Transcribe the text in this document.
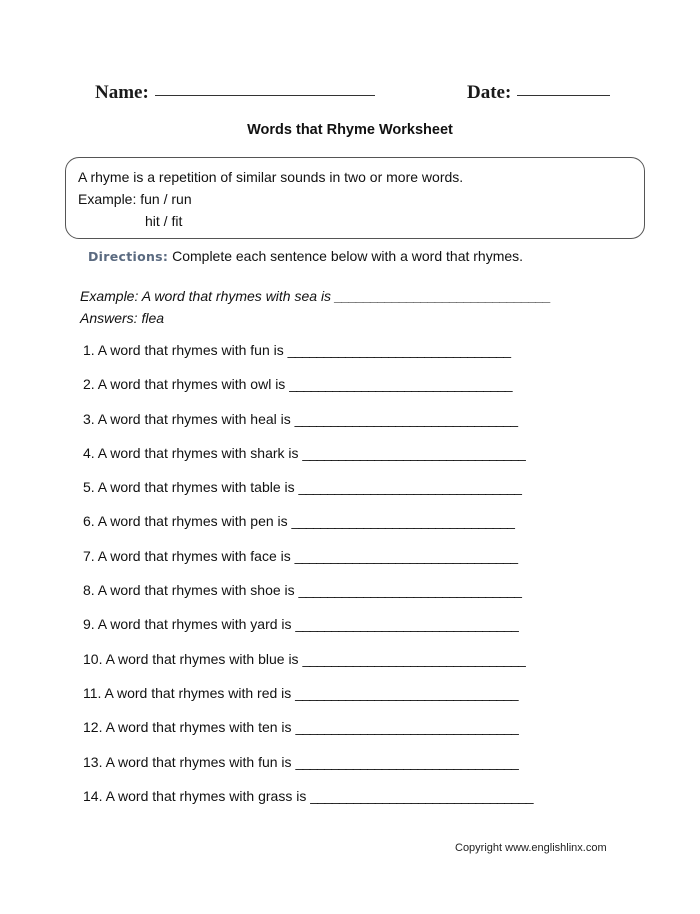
Name:	Date:
Words that Rhyme Worksheet
A rhyme is a repetition of similar sounds in two or more words.
Example: fun / run
hit / fit
Directions: Complete each sentence below with a word that rhymes.
Example: A word that rhymes with sea is ______________________________
Answers: flea
1. A word that rhymes with fun is _______________________________
2. A word that rhymes with owl is _______________________________
3. A word that rhymes with heal is _______________________________
4. A word that rhymes with shark is _______________________________
5. A word that rhymes with table is _______________________________
6. A word that rhymes with pen is _______________________________
7. A word that rhymes with face is _______________________________
8. A word that rhymes with shoe is _______________________________
9. A word that rhymes with yard is _______________________________
10. A word that rhymes with blue is _______________________________
11. A word that rhymes with red is _______________________________
12. A word that rhymes with ten is _______________________________
13. A word that rhymes with fun is _______________________________
14. A word that rhymes with grass is _______________________________
Copyright www.englishlinx.com
